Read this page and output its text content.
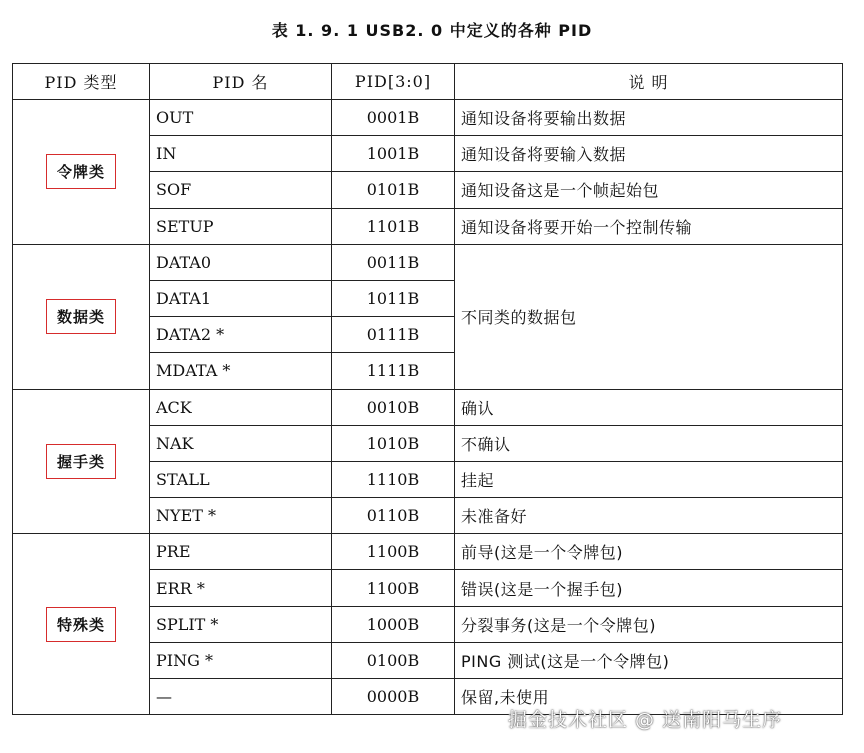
表 1. 9. 1 USB2. 0 中定义的各种 PID
PID 类型	PID 名	PID[3:0]	说 明
令牌类	OUT	0001B	通知设备将要输出数据
	IN	1001B	通知设备将要输入数据
	SOF	0101B	通知设备这是一个帧起始包
	SETUP	1101B	通知设备将要开始一个控制传输
数据类	DATA0	0011B	不同类的数据包
	DATA1	1011B	
	DATA2 *	0111B	
	MDATA *	1111B	
握手类	ACK	0010B	确认
	NAK	1010B	不确认
	STALL	1110B	挂起
	NYET *	0110B	未准备好
特殊类	PRE	1100B	前导(这是一个令牌包)
	ERR *	1100B	错误(这是一个握手包)
	SPLIT *	1000B	分裂事务(这是一个令牌包)
	PING *	0100B	PING 测试(这是一个令牌包)
	—	0000B	保留,未使用
掘金技术社区 @ 送南阳马生序
